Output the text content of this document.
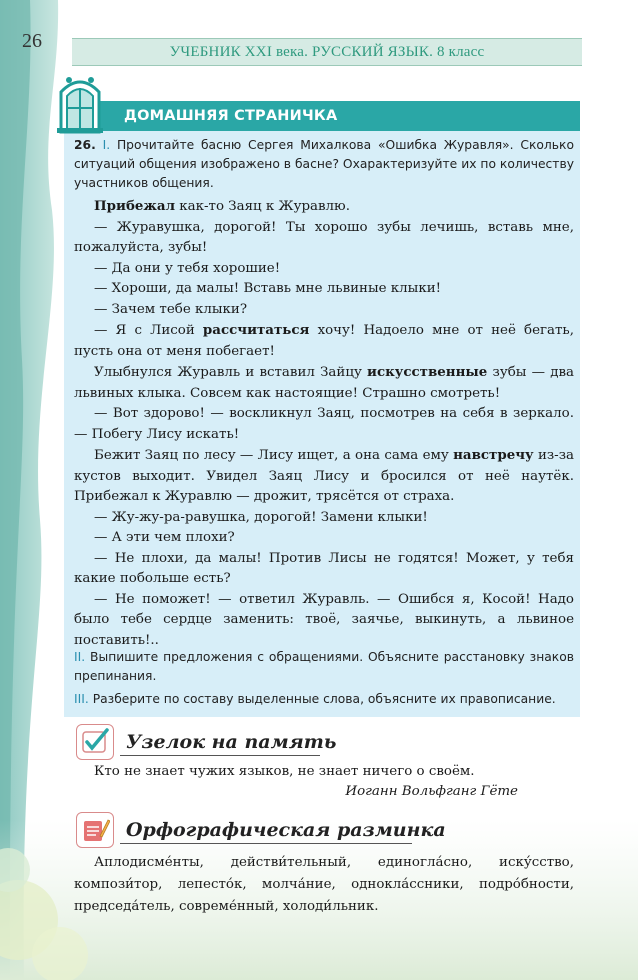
26	УЧЕБНИК XXI века. РУССКИЙ ЯЗЫК. 8 класс
ДОМАШНЯЯ СТРАНИЧКА
26. I. Прочитайте басню Сергея Михалкова «Ошибка Журавля». Сколько ситуаций общения изображено в басне? Охарактеризуйте их по количеству участников общения.

Прибежал как-то Заяц к Журавлю.

— Журавушка, дорогой! Ты хорошо зубы лечишь, вставь мне, пожалуйста, зубы!

— Да они у тебя хорошие!

— Хороши, да малы! Вставь мне львиные клыки!

— Зачем тебе клыки?

— Я с Лисой рассчитаться хочу! Надоело мне от неё бегать, пусть она от меня побегает!

Улыбнулся Журавль и вставил Зайцу искусственные зубы — два львиных клыка. Совсем как настоящие! Страшно смотреть!

— Вот здорово! — воскликнул Заяц, посмотрев на себя в зеркало. — Побегу Лису искать!

Бежит Заяц по лесу — Лису ищет, а она сама ему навстречу из-за кустов выходит. Увидел Заяц Лису и бросился от неё наутёк. Прибежал к Журавлю — дрожит, трясётся от страха.

— Жу-жу-ра-равушка, дорогой! Замени клыки!

— А эти чем плохи?

— Не плохи, да малы! Против Лисы не годятся! Может, у тебя какие побольше есть?

— Не поможет! — ответил Журавль. — Ошибся я, Косой! Надо было тебе сердце заменить: твоё, заячье, выкинуть, а львиное поставить!..

II. Выпишите предложения с обращениями. Объясните расстановку знаков препинания.
III. Разберите по составу выделенные слова, объясните их правописание.
Узелок на память

Кто не знает чужих языков, не знает ничего о своём.

Иоганн Вольфганг Гёте

Орфографическая разминка

Аплодисме́нты, действи́тельный, единогла́сно, иску́сство, компози́тор, лепесто́к, молча́ние, однокла́ссники, подро́бности, председа́тель, совреме́нный, холоди́льник.
